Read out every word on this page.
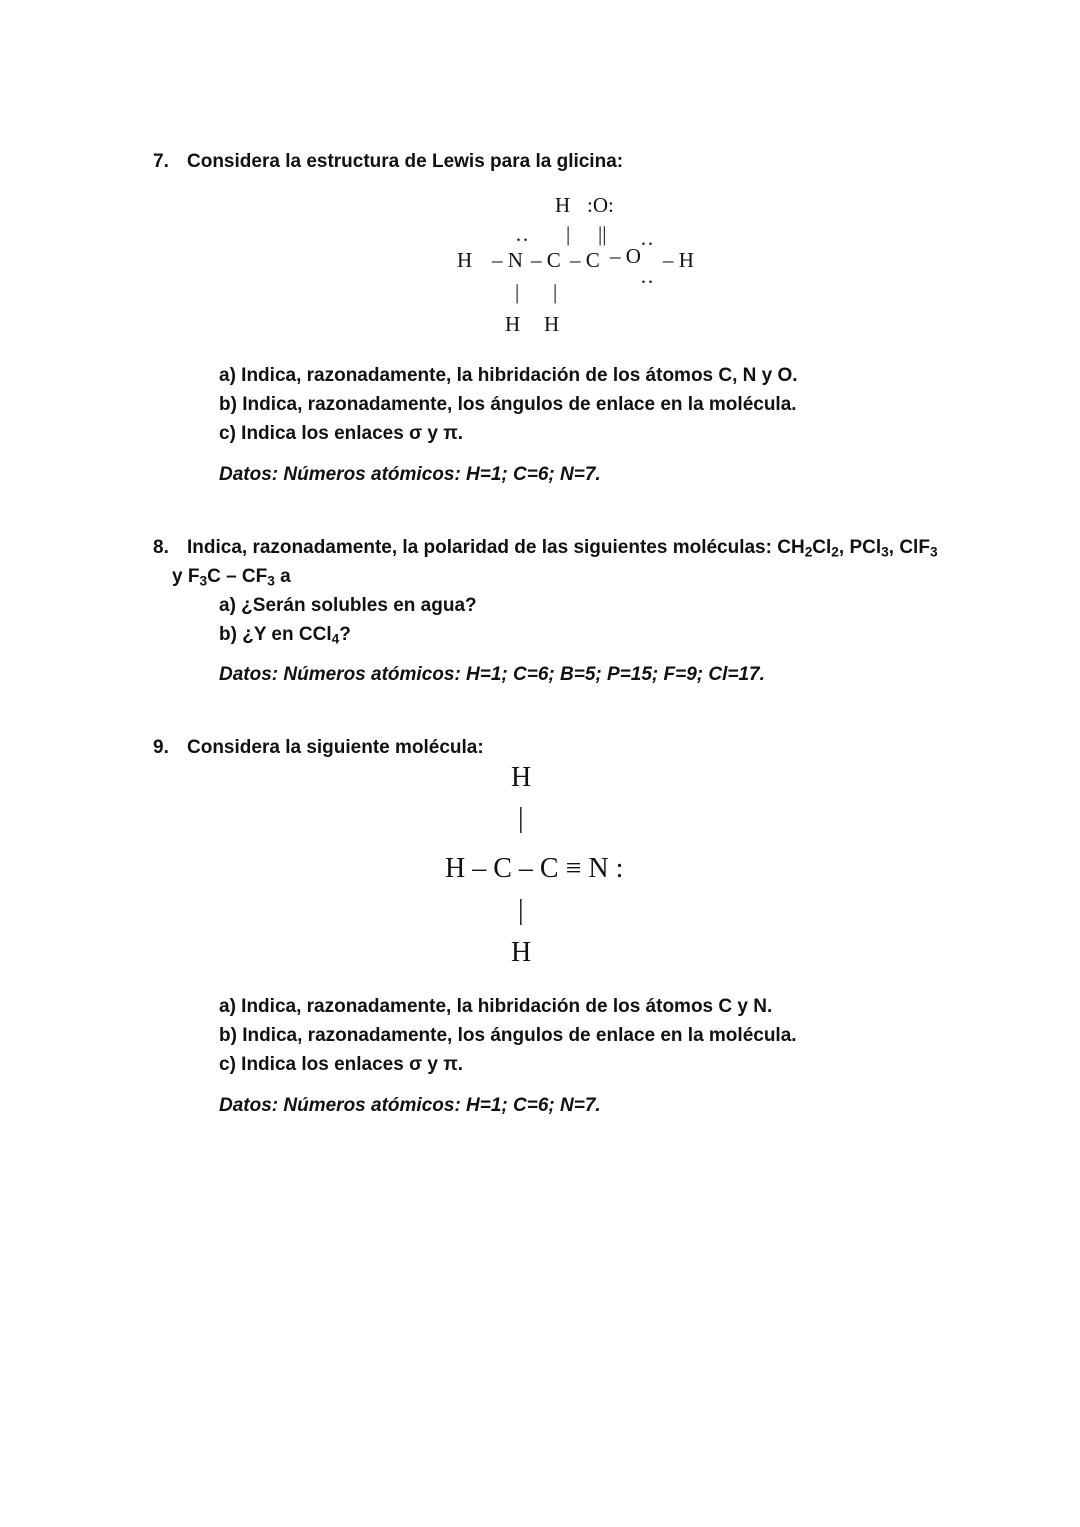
7. Considera la estructura de Lewis para la glicina:
H :O:
| ||
··	··
H – N – C – C – O – H
··
| |
H H
a) Indica, razonadamente, la hibridación de los átomos C, N y O.
b) Indica, razonadamente, los ángulos de enlace en la molécula.
c) Indica los enlaces σ y π.
Datos: Números atómicos: H=1; C=6; N=7.
8. Indica, razonadamente, la polaridad de las siguientes moléculas: $CH_2Cl_2$, PCl$_3$, ClF$_3$
y $F_3C - CF_3$ a
a) ¿Serán solubles en agua?
b) ¿Y en CCl$_4$?
Datos: Números atómicos: H=1; C=6; B=5; P=15; F=9; Cl=17.
9. Considera la siguiente molécula:
H
|
H – C – C ≡ N :
|
H
a) Indica, razonadamente, la hibridación de los átomos C y N.
b) Indica, razonadamente, los ángulos de enlace en la molécula.
c) Indica los enlaces σ y π.
Datos: Números atómicos: H=1; C=6; N=7.
